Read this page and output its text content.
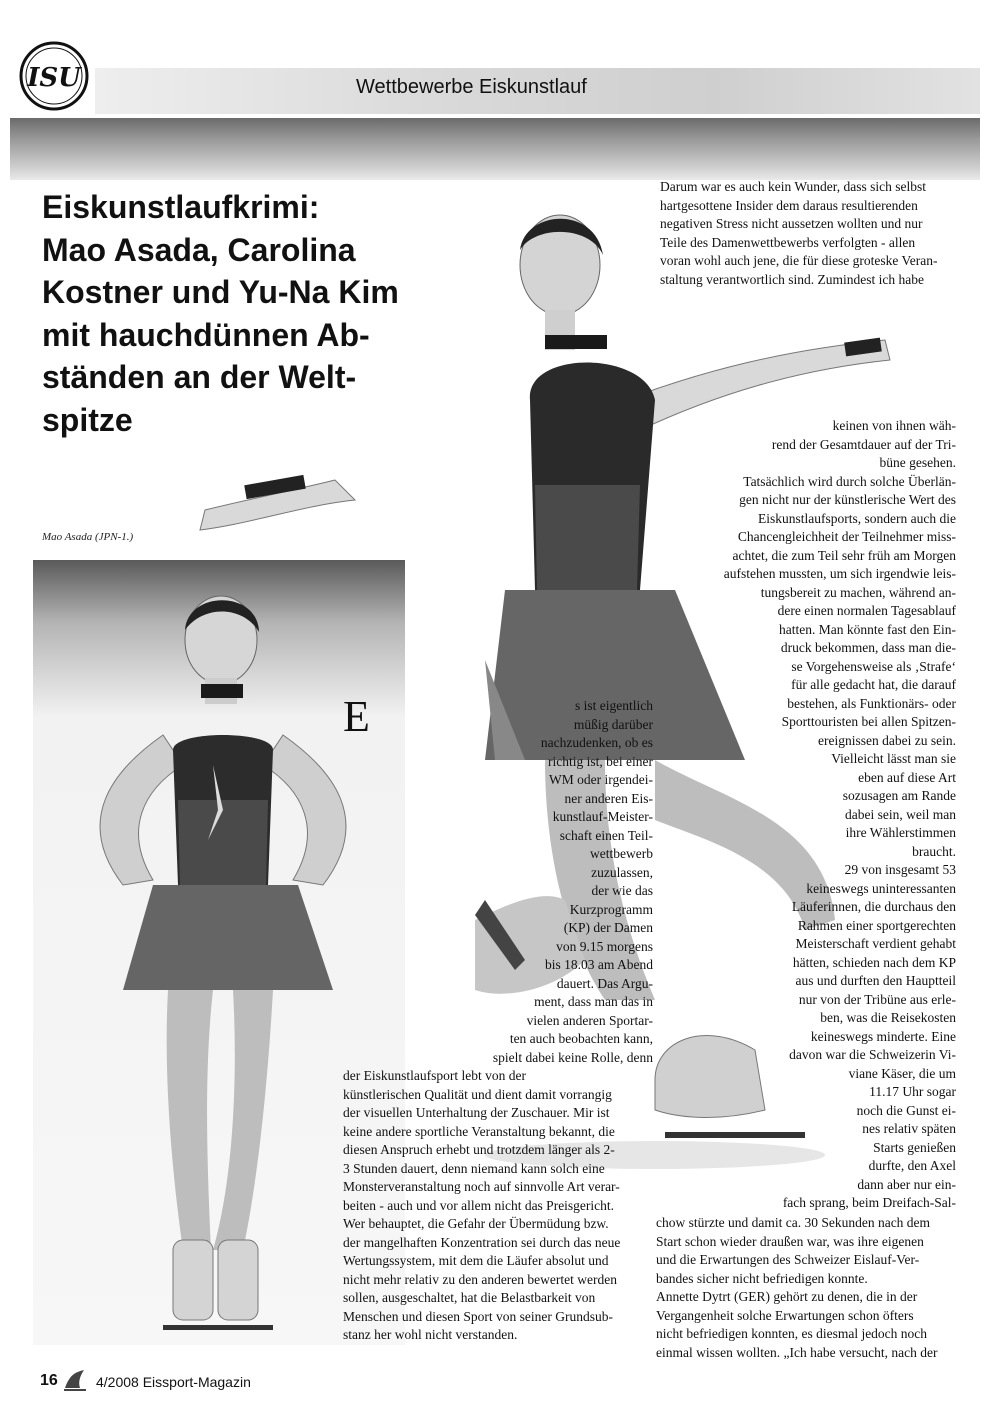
ISU	Wettbewerbe Eiskunstlauf
Eiskunstlaufkrimi:
Mao Asada, Carolina
Kostner und Yu-Na Kim
mit hauchdünnen Ab-
ständen an der Welt-
spitze
Mao Asada (JPN-1.)
Darum war es auch kein Wunder, dass sich selbst
hartgesottene Insider dem daraus resultierenden
negativen Stress nicht aussetzen wollten und nur
Teile des Damenwettbewerbs verfolgten - allen
voran wohl auch jene, die für diese groteske Veran-
staltung verantwortlich sind. Zumindest ich habe
keinen von ihnen wäh-
rend der Gesamtdauer auf der Tri-
büne gesehen.
Tatsächlich wird durch solche Überlän-
gen nicht nur der künstlerische Wert des
Eiskunstlaufsports, sondern auch die
Chancengleichheit der Teilnehmer miss-
achtet, die zum Teil sehr früh am Morgen
aufstehen mussten, um sich irgendwie leis-
tungsbereit zu machen, während an-
dere einen normalen Tagesablauf
hatten. Man könnte fast den Ein-
druck bekommen, dass man die-
se Vorgehensweise als ‚Strafe‘
für alle gedacht hat, die darauf
bestehen, als Funktionärs- oder
Sporttouristen bei allen Spitzen-
ereignissen dabei zu sein.
Vielleicht lässt man sie
eben auf diese Art
sozusagen am Rande
dabei sein, weil man
ihre Wählerstimmen
braucht.
29 von insgesamt 53
keineswegs uninteressanten
Läuferinnen, die durchaus den
Rahmen einer sportgerechten
Meisterschaft verdient gehabt
hätten, schieden nach dem KP
aus und durften den Hauptteil
nur von der Tribüne aus erle-
ben, was die Reisekosten
keineswegs minderte. Eine
davon war die Schweizerin Vi-
viane Käser, die um
11.17 Uhr sogar
noch die Gunst ei-
nes relativ späten
Starts genießen
durfte, den Axel
dann aber nur ein-
fach sprang, beim Dreifach-Sal-
chow stürzte und damit ca. 30 Sekunden nach dem
Start schon wieder draußen war, was ihre eigenen
und die Erwartungen des Schweizer Eislauf-Ver-
bandes sicher nicht befriedigen konnte.
Annette Dytrt (GER) gehört zu denen, die in der
Vergangenheit solche Erwartungen schon öfters
nicht befriedigen konnten, es diesmal jedoch noch
einmal wissen wollten. „Ich habe versucht, nach der
E	s ist eigentlich
müßig darüber
nachzudenken, ob es
richtig ist, bei einer
WM oder irgendei-
ner anderen Eis-
kunstlauf-Meister-
schaft einen Teil-
wettbewerb
zuzulassen,
der wie das
Kurzprogramm
(KP) der Damen
von 9.15 morgens
bis 18.03 am Abend
dauert. Das Argu-
ment, dass man das in
vielen anderen Sportar-
ten auch beobachten kann,
spielt dabei keine Rolle, denn
der Eiskunstlaufsport lebt von der
künstlerischen Qualität und dient damit vorrangig
der visuellen Unterhaltung der Zuschauer. Mir ist
keine andere sportliche Veranstaltung bekannt, die
diesen Anspruch erhebt und trotzdem länger als 2-
3 Stunden dauert, denn niemand kann solch eine
Monsterveranstaltung noch auf sinnvolle Art verar-
beiten - auch und vor allem nicht das Preisgericht.
Wer behauptet, die Gefahr der Übermüdung bzw.
der mangelhaften Konzentration sei durch das neue
Wertungssystem, mit dem die Läufer absolut und
nicht mehr relativ zu den anderen bewertet werden
sollen, ausgeschaltet, hat die Belastbarkeit von
Menschen und diesen Sport von seiner Grundsub-
stanz her wohl nicht verstanden.
16	4/2008 Eissport-Magazin
